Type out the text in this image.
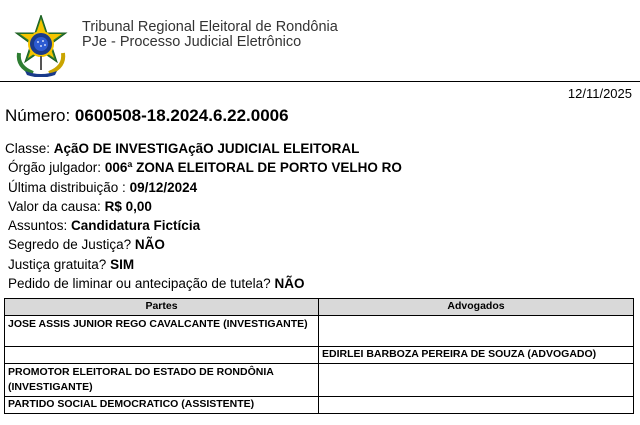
Tribunal Regional Eleitoral de Rondônia
PJe - Processo Judicial Eletrônico
12/11/2025
Número: 0600508-18.2024.6.22.0006
Classe: AçãO DE INVESTIGAçãO JUDICIAL ELEITORAL
Órgão julgador: 006ª ZONA ELEITORAL DE PORTO VELHO RO
Última distribuição : 09/12/2024
Valor da causa: R$ 0,00
Assuntos: Candidatura Fictícia
Segredo de Justiça? NÃO
Justiça gratuita? SIM
Pedido de liminar ou antecipação de tutela? NÃO
Partes	Advogados
JOSE ASSIS JUNIOR REGO CAVALCANTE (INVESTIGANTE)	
	EDIRLEI BARBOZA PEREIRA DE SOUZA (ADVOGADO)
PROMOTOR ELEITORAL DO ESTADO DE RONDÔNIA (INVESTIGANTE)	
PARTIDO SOCIAL DEMOCRATICO (ASSISTENTE)	
